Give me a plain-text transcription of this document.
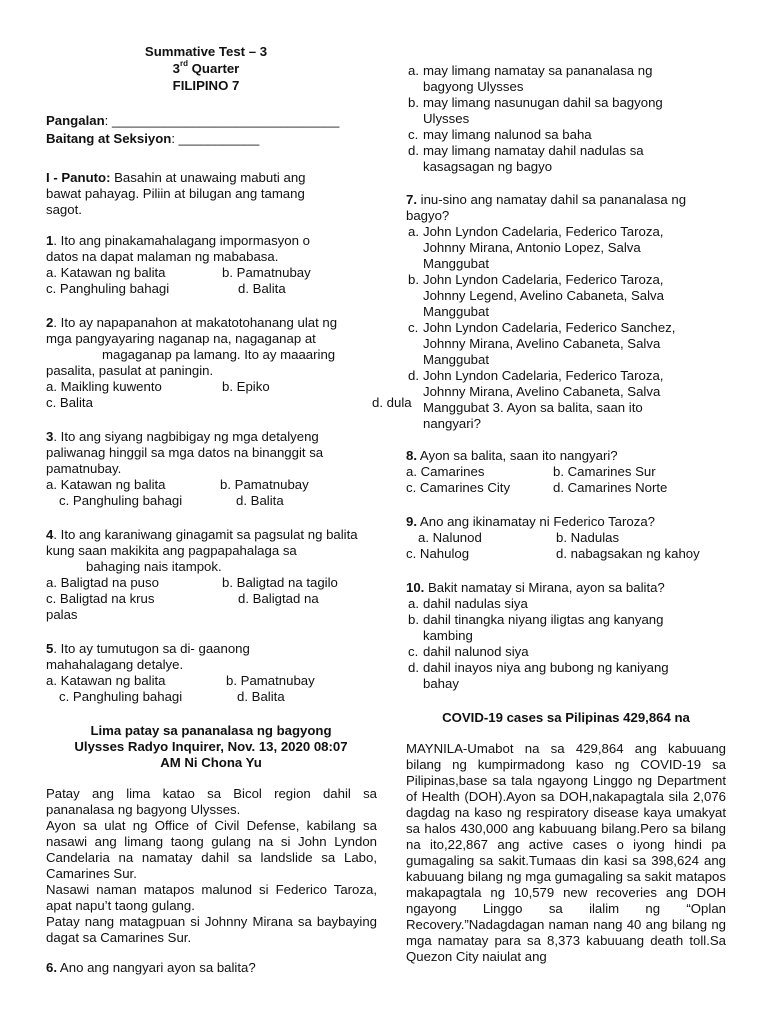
Summative Test – 3
3rd Quarter
FILIPINO 7
Pangalan: _______________________________
Baitang at Seksiyon: ___________
I - Panuto: Basahin at unawaing mabuti ang bawat pahayag. Piliin at bilugan ang tamang sagot.
1. Ito ang pinakamahalagang impormasyon o datos na dapat malaman ng mababasa.
a. Katawan ng balita	b. Pamatnubay
c. Panghuling bahagi	d. Balita
2. Ito ay napapanahon at makatotohanang ulat ng mga pangyayaring naganap na, nagaganap at
magaganap pa lamang. Ito ay maaaring pasalita, pasulat at paningin.
a. Maikling kuwento	b. Epiko
c. Balita	d. dula
3. Ito ang siyang nagbibigay ng mga detalyeng paliwanag hinggil sa mga datos na binanggit sa pamatnubay.
a. Katawan ng balita	b. Pamatnubay
c. Panghuling bahagi	d. Balita
4. Ito ang karaniwang ginagamit sa pagsulat ng balita kung saan makikita ang pagpapahalaga sa
bahaging nais itampok.
a. Baligtad na puso	b. Baligtad na tagilo
c. Baligtad na krus	d. Baligtad na
palas
5. Ito ay tumutugon sa di- gaanong mahahalagang detalye.
a. Katawan ng balita	b. Pamatnubay
c. Panghuling bahagi	d. Balita
Lima patay sa pananalasa ng bagyong
Ulysses Radyo Inquirer, Nov. 13, 2020 08:07
AM Ni Chona Yu
Patay ang lima katao sa Bicol region dahil sa pananalasa ng bagyong Ulysses.
Ayon sa ulat ng Office of Civil Defense, kabilang sa nasawi ang limang taong gulang na si John Lyndon Candelaria na namatay dahil sa landslide sa Labo, Camarines Sur.
Nasawi naman matapos malunod si Federico Taroza, apat napu’t taong gulang.
Patay nang matagpuan si Johnny Mirana sa baybaying dagat sa Camarines Sur.
6. Ano ang nangyari ayon sa balita?
a. may limang namatay sa pananalasa ng bagyong Ulysses
b. may limang nasunugan dahil sa bagyong Ulysses
c. may limang nalunod sa baha
d. may limang namatay dahil nadulas sa kasagsagan ng bagyo
7. inu-sino ang namatay dahil sa pananalasa ng bagyo?
a. John Lyndon Cadelaria, Federico Taroza, Johnny Mirana, Antonio Lopez, Salva Manggubat
b. John Lyndon Cadelaria, Federico Taroza, Johnny Legend, Avelino Cabaneta, Salva Manggubat
c. John Lyndon Cadelaria, Federico Sanchez, Johnny Mirana, Avelino Cabaneta, Salva Manggubat
d. John Lyndon Cadelaria, Federico Taroza, Johnny Mirana, Avelino Cabaneta, Salva Manggubat 3. Ayon sa balita, saan ito nangyari?
8. Ayon sa balita, saan ito nangyari?
a. Camarines	b. Camarines Sur
c. Camarines City	d. Camarines Norte
9. Ano ang ikinamatay ni Federico Taroza?
a. Nalunod	b. Nadulas
c. Nahulog	d. nabagsakan ng kahoy
10. Bakit namatay si Mirana, ayon sa balita?
a. dahil nadulas siya
b. dahil tinangka niyang iligtas ang kanyang kambing
c. dahil nalunod siya
d. dahil inayos niya ang bubong ng kaniyang bahay
COVID-19 cases sa Pilipinas 429,864 na
MAYNILA-Umabot na sa 429,864 ang kabuuang bilang ng kumpirmadong kaso ng COVID-19 sa Pilipinas,base sa tala ngayong Linggo ng Department of Health (DOH).Ayon sa DOH,nakapagtala sila 2,076 dagdag na kaso ng respiratory disease kaya umakyat sa halos 430,000 ang kabuuang bilang.Pero sa bilang na ito,22,867 ang active cases o iyong hindi pa gumagaling sa sakit.Tumaas din kasi sa 398,624 ang kabuuang bilang ng mga gumagaling sa sakit matapos makapagtala ng 10,579 new recoveries ang DOH ngayong Linggo sa ilalim ng “Oplan Recovery.”Nadagdagan naman nang 40 ang bilang ng mga namatay para sa 8,373 kabuuang death toll.Sa Quezon City naiulat ang
